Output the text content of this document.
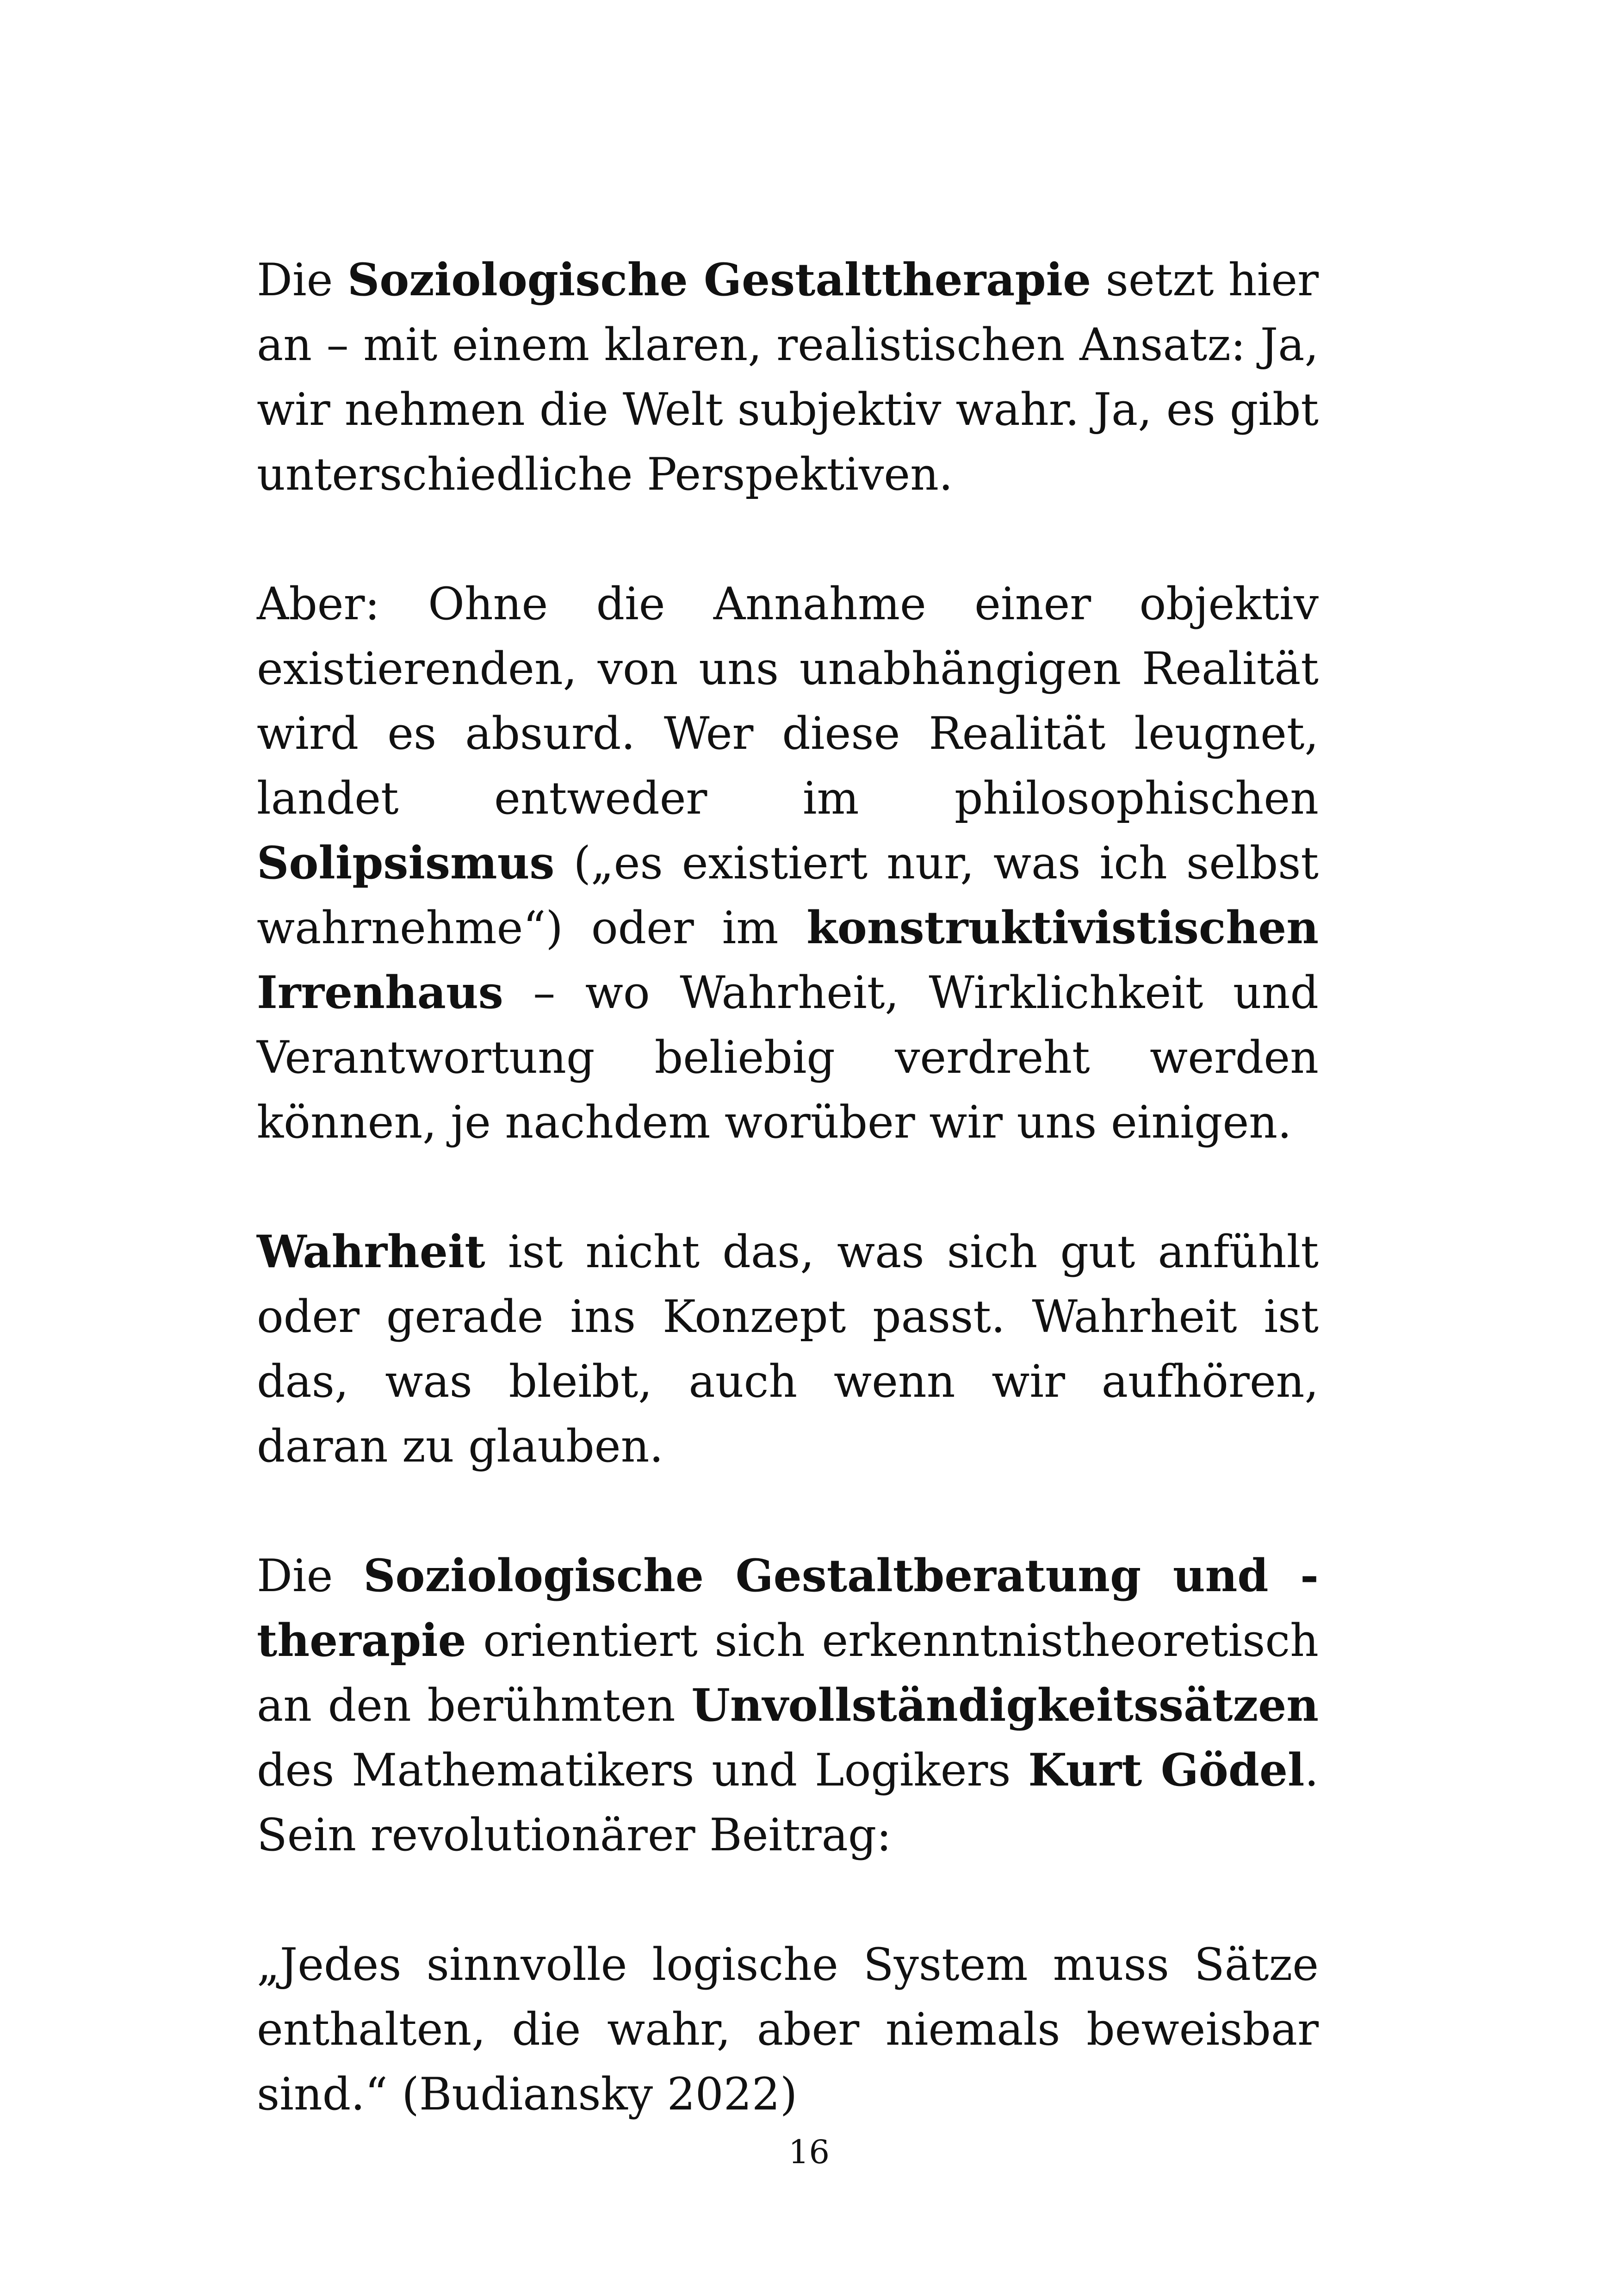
Die Soziologische Gestalttherapie setzt hier an – mit einem klaren, realistischen Ansatz: Ja, wir nehmen die Welt subjektiv wahr. Ja, es gibt unterschiedliche Perspektiven.

Aber: Ohne die Annahme einer objektiv existierenden, von uns unabhängigen Realität wird es absurd. Wer diese Realität leugnet, landet entweder im philosophischen Solipsismus („es existiert nur, was ich selbst wahrnehme“) oder im konstruktivistischen Irrenhaus – wo Wahrheit, Wirklichkeit und Verantwortung beliebig verdreht werden können, je nachdem worüber wir uns einigen.

Wahrheit ist nicht das, was sich gut anfühlt oder gerade ins Konzept passt. Wahrheit ist das, was bleibt, auch wenn wir aufhören, daran zu glauben.

Die Soziologische Gestaltberatung und -therapie orientiert sich erkenntnistheoretisch an den berühmten Unvollständigkeitssätzen des Mathematikers und Logikers Kurt Gödel. Sein revolutionärer Beitrag:

„Jedes sinnvolle logische System muss Sätze enthalten, die wahr, aber niemals beweisbar sind.“ (Budiansky 2022)

16
